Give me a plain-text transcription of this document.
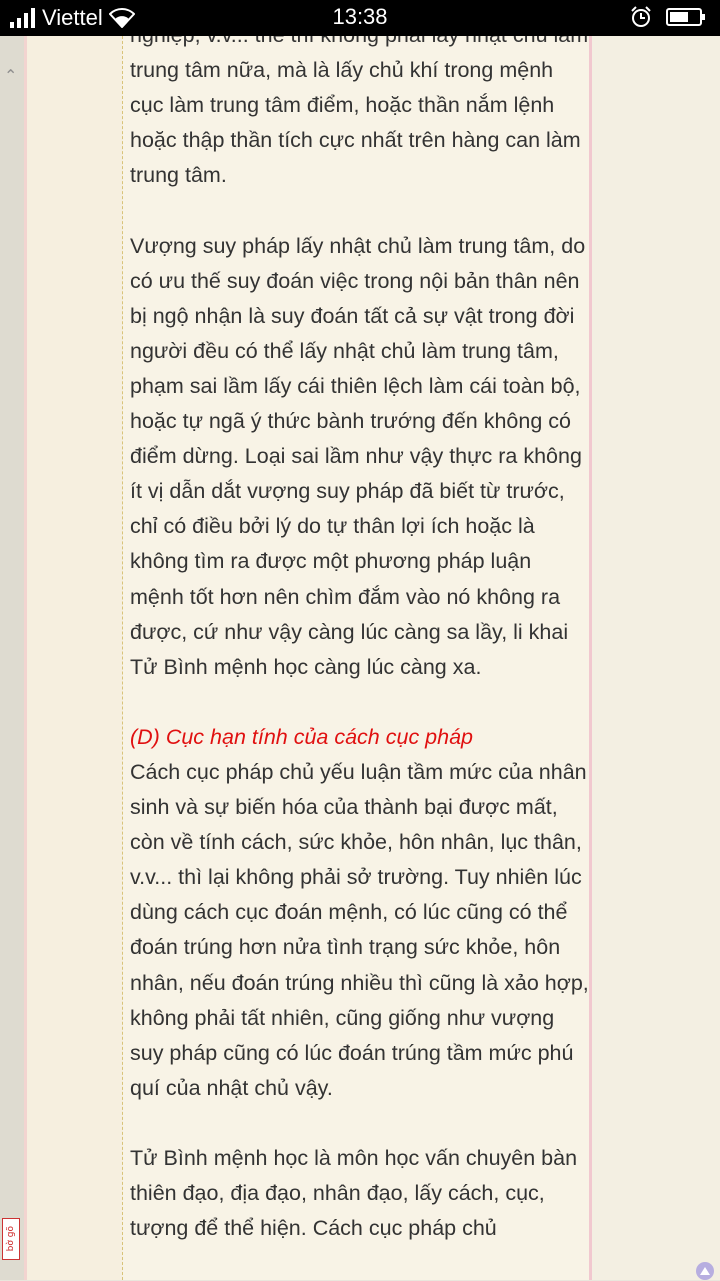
Viettel	13:38

trung tâm nữa, mà là lấy chủ khí trong mệnh cục làm trung tâm điểm, hoặc thần nắm lệnh hoặc thập thần tích cực nhất trên hàng can làm trung tâm.

Vượng suy pháp lấy nhật chủ làm trung tâm, do có ưu thế suy đoán việc trong nội bản thân nên bị ngộ nhận là suy đoán tất cả sự vật trong đời người đều có thể lấy nhật chủ làm trung tâm, phạm sai lầm lấy cái thiên lệch làm cái toàn bộ, hoặc tự ngã ý thức bành trướng đến không có điểm dừng. Loại sai lầm như vậy thực ra không ít vị dẫn dắt vượng suy pháp đã biết từ trước, chỉ có điều bởi lý do tự thân lợi ích hoặc là không tìm ra được một phương pháp luận mệnh tốt hơn nên chìm đắm vào nó không ra được, cứ như vậy càng lúc càng sa lầy, li khai Tử Bình mệnh học càng lúc càng xa.

(D) Cục hạn tính của cách cục pháp

Cách cục pháp chủ yếu luận tầm mức của nhân sinh và sự biến hóa của thành bại được mất, còn về tính cách, sức khỏe, hôn nhân, lục thân, v.v... thì lại không phải sở trường. Tuy nhiên lúc dùng cách cục đoán mệnh, có lúc cũng có thể đoán trúng hơn nửa tình trạng sức khỏe, hôn nhân, nếu đoán trúng nhiều thì cũng là xảo hợp, không phải tất nhiên, cũng giống như vượng suy pháp cũng có lúc đoán trúng tầm mức phú quí của nhật chủ vậy.

Tử Bình mệnh học là môn học vấn chuyên bàn thiên đạo, địa đạo, nhân đạo, lấy cách, cục, tượng để thể hiện. Cách cục pháp chủ

⌃
bờ gõ
